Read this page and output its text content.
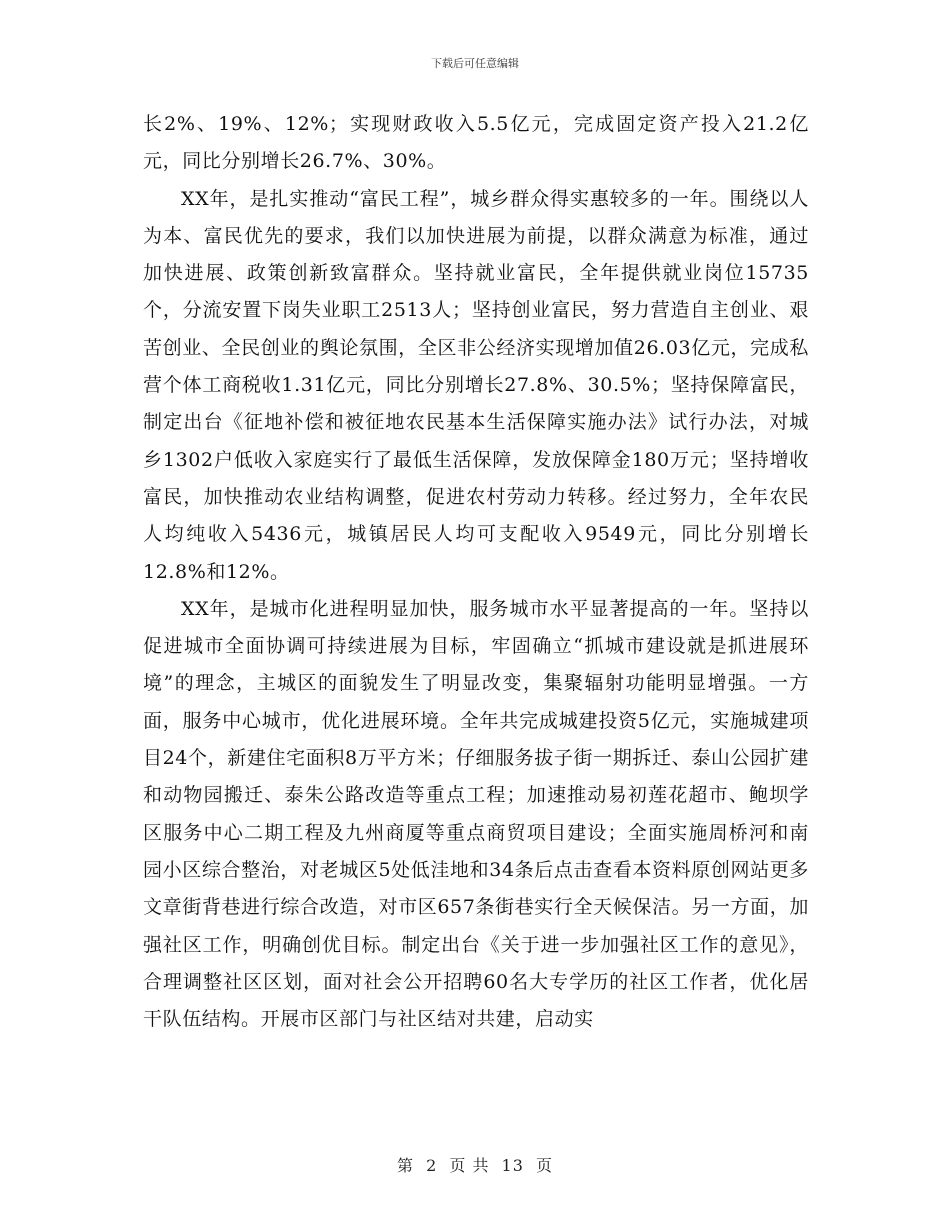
下载后可任意编辑

长2%、19%、12%；实现财政收入5.5亿元，完成固定资产投入21.2亿元，同比分别增长26.7%、30%。

XX年，是扎实推动“富民工程”，城乡群众得实惠较多的一年。围绕以人为本、富民优先的要求，我们以加快进展为前提，以群众满意为标准，通过加快进展、政策创新致富群众。坚持就业富民，全年提供就业岗位15735个，分流安置下岗失业职工2513人；坚持创业富民，努力营造自主创业、艰苦创业、全民创业的舆论氛围，全区非公经济实现增加值26.03亿元，完成私营个体工商税收1.31亿元，同比分别增长27.8%、30.5%；坚持保障富民，制定出台《征地补偿和被征地农民基本生活保障实施办法》试行办法，对城乡1302户低收入家庭实行了最低生活保障，发放保障金180万元；坚持增收富民，加快推动农业结构调整，促进农村劳动力转移。经过努力，全年农民人均纯收入5436元，城镇居民人均可支配收入9549元，同比分别增长12.8%和12%。

XX年，是城市化进程明显加快，服务城市水平显著提高的一年。坚持以促进城市全面协调可持续进展为目标，牢固确立“抓城市建设就是抓进展环境”的理念，主城区的面貌发生了明显改变，集聚辐射功能明显增强。一方面，服务中心城市，优化进展环境。全年共完成城建投资5亿元，实施城建项目24个，新建住宅面积8万平方米；仔细服务拔子街一期拆迁、泰山公园扩建和动物园搬迁、泰朱公路改造等重点工程；加速推动易初莲花超市、鲍坝学区服务中心二期工程及九州商厦等重点商贸项目建设；全面实施周桥河和南园小区综合整治，对老城区5处低洼地和34条后点击查看本资料原创网站更多文章街背巷进行综合改造，对市区657条街巷实行全天候保洁。另一方面，加强社区工作，明确创优目标。制定出台《关于进一步加强社区工作的意见》，合理调整社区区划，面对社会公开招聘60名大专学历的社区工作者，优化居干队伍结构。开展市区部门与社区结对共建，启动实

第 2 页 共 13 页
